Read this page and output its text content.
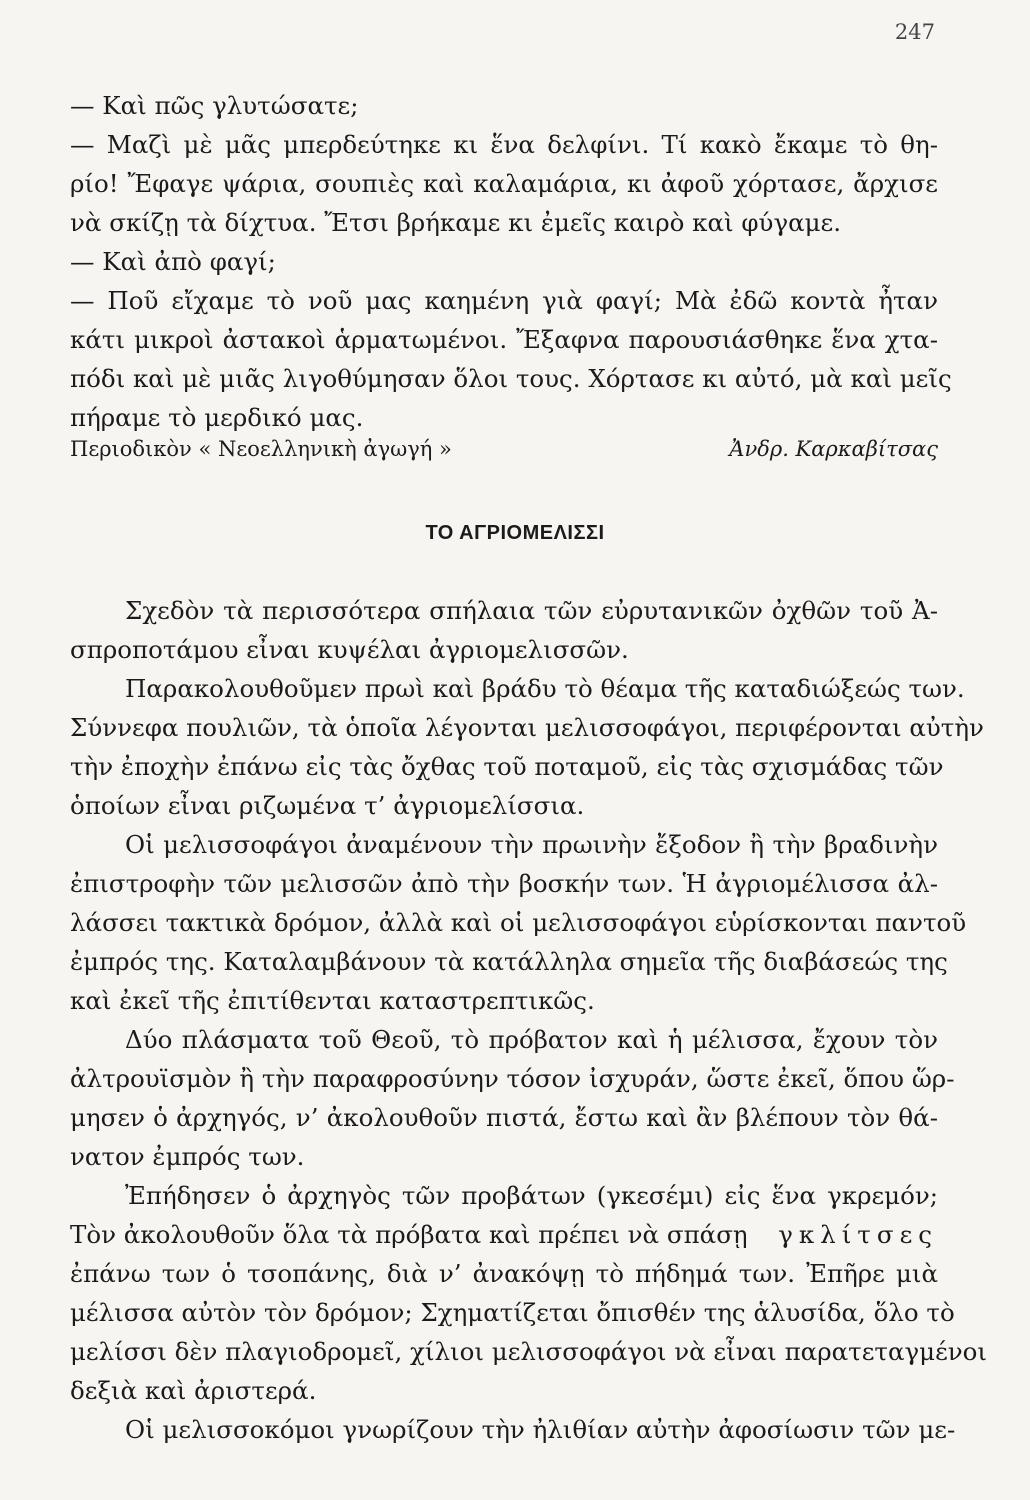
247
— Καὶ πῶς γλυτώσατε;
— Μαζὶ μὲ μᾶς μπερδεύτηκε κι ἕνα δελφίνι. Τί κακὸ ἔκαμε τὸ θη-
ρίο! Ἔφαγε ψάρια, σουπιὲς καὶ καλαμάρια, κι ἀφοῦ χόρτασε, ἄρχισε
νὰ σκίζῃ τὰ δίχτυα. Ἔτσι βρήκαμε κι ἐμεῖς καιρὸ καὶ φύγαμε.
— Καὶ ἀπὸ φαγί;
— Ποῦ εἴχαμε τὸ νοῦ μας καημένη γιὰ φαγί; Μὰ ἐδῶ κοντὰ ἦταν
κάτι μικροὶ ἀστακοὶ ἁρματωμένοι. Ἔξαφνα παρουσιάσθηκε ἕνα χτα-
πόδι καὶ μὲ μιᾶς λιγοθύμησαν ὅλοι τους. Χόρτασε κι αὐτό, μὰ καὶ μεῖς
πήραμε τὸ μερδικό μας.
Περιοδικὸν « Νεοελληνικὴ ἀγωγή »	Ἀνδρ. Καρκαβίτσας
ΤΟ ΑΓΡΙΟΜΕΛΙΣΣΙ
Σχεδὸν τὰ περισσότερα σπήλαια τῶν εὐρυτανικῶν ὀχθῶν τοῦ Ἀ-
σπροποτάμου εἶναι κυψέλαι ἀγριομελισσῶν.
Παρακολουθοῦμεν πρωὶ καὶ βράδυ τὸ θέαμα τῆς καταδιώξεώς των.
Σύννεφα πουλιῶν, τὰ ὁποῖα λέγονται μελισσοφάγοι, περιφέρονται αὐτὴν
τὴν ἐποχὴν ἐπάνω εἰς τὰς ὄχθας τοῦ ποταμοῦ, εἰς τὰς σχισμάδας τῶν
ὁποίων εἶναι ριζωμένα τ’ ἀγριομελίσσια.
Οἱ μελισσοφάγοι ἀναμένουν τὴν πρωινὴν ἔξοδον ἢ τὴν βραδινὴν
ἐπιστροφὴν τῶν μελισσῶν ἀπὸ τὴν βοσκήν των. Ἡ ἀγριομέλισσα ἀλ-
λάσσει τακτικὰ δρόμον, ἀλλὰ καὶ οἱ μελισσοφάγοι εὑρίσκονται παντοῦ
ἐμπρός της. Καταλαμβάνουν τὰ κατάλληλα σημεῖα τῆς διαβάσεώς της
καὶ ἐκεῖ τῆς ἐπιτίθενται καταστρεπτικῶς.
Δύο πλάσματα τοῦ Θεοῦ, τὸ πρόβατον καὶ ἡ μέλισσα, ἔχουν τὸν
ἀλτρουϊσμὸν ἢ τὴν παραφροσύνην τόσον ἰσχυράν, ὥστε ἐκεῖ, ὅπου ὥρ-
μησεν ὁ ἀρχηγός, ν’ ἀκολουθοῦν πιστά, ἔστω καὶ ἂν βλέπουν τὸν θά-
νατον ἐμπρός των.
Ἐπήδησεν ὁ ἀρχηγὸς τῶν προβάτων (γκεσέμι) εἰς ἕνα γκρεμόν;
Τὸν ἀκολουθοῦν ὅλα τὰ πρόβατα καὶ πρέπει νὰ σπάσῃ γκλίτσες
ἐπάνω των ὁ τσοπάνης, διὰ ν’ ἀνακόψῃ τὸ πήδημά των. Ἐπῆρε μιὰ
μέλισσα αὐτὸν τὸν δρόμον; Σχηματίζεται ὄπισθέν της ἁλυσίδα, ὅλο τὸ
μελίσσι δὲν πλαγιοδρομεῖ, χίλιοι μελισσοφάγοι νὰ εἶναι παρατεταγμένοι
δεξιὰ καὶ ἀριστερά.
Οἱ μελισσοκόμοι γνωρίζουν τὴν ἠλιθίαν αὐτὴν ἀφοσίωσιν τῶν με-
